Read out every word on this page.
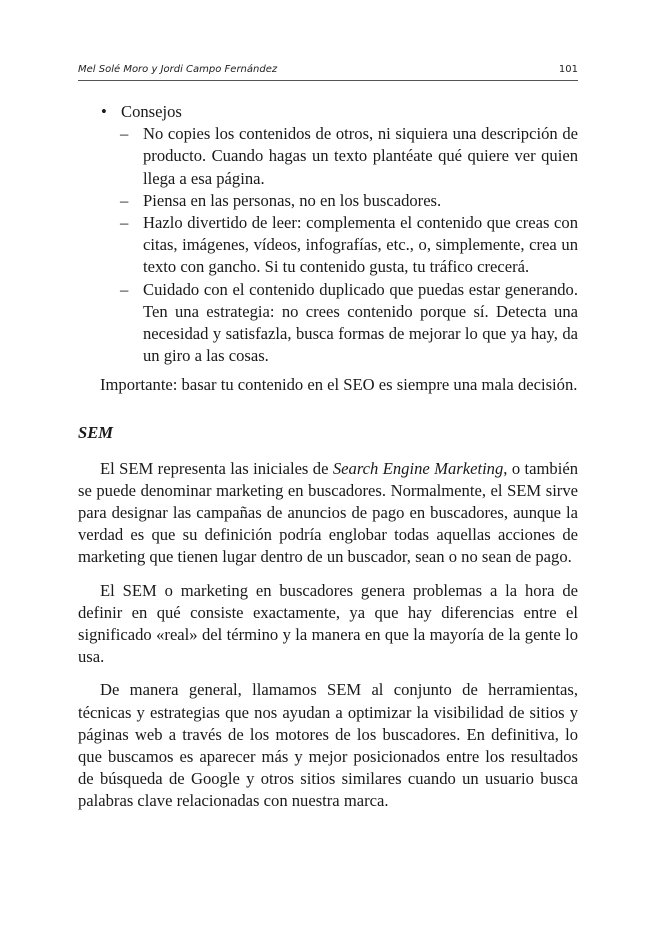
Mel Solé Moro y Jordi Campo Fernández	101
• Consejos
– No copies los contenidos de otros, ni siquiera una descripción de producto. Cuando hagas un texto plantéate qué quiere ver quien llega a esa página.
– Piensa en las personas, no en los buscadores.
– Hazlo divertido de leer: complementa el contenido que creas con citas, imágenes, vídeos, infografías, etc., o, simplemente, crea un texto con gancho. Si tu contenido gusta, tu tráfico crecerá.
– Cuidado con el contenido duplicado que puedas estar generando. Ten una estrategia: no crees contenido porque sí. Detecta una necesidad y satisfazla, busca formas de mejorar lo que ya hay, da un giro a las cosas.

Importante: basar tu contenido en el SEO es siempre una mala decisión.

SEM

El SEM representa las iniciales de Search Engine Marketing, o también se puede denominar marketing en buscadores. Normalmente, el SEM sirve para designar las campañas de anuncios de pago en buscadores, aunque la verdad es que su definición podría englobar todas aquellas acciones de marketing que tienen lugar dentro de un buscador, sean o no sean de pago.

El SEM o marketing en buscadores genera problemas a la hora de definir en qué consiste exactamente, ya que hay diferencias entre el significado «real» del término y la manera en que la mayoría de la gente lo usa.

De manera general, llamamos SEM al conjunto de herramientas, técnicas y estrategias que nos ayudan a optimizar la visibilidad de sitios y páginas web a través de los motores de los buscadores. En definitiva, lo que buscamos es aparecer más y mejor posicionados entre los resultados de búsqueda de Google y otros sitios similares cuando un usuario busca palabras clave relacionadas con nuestra marca.
